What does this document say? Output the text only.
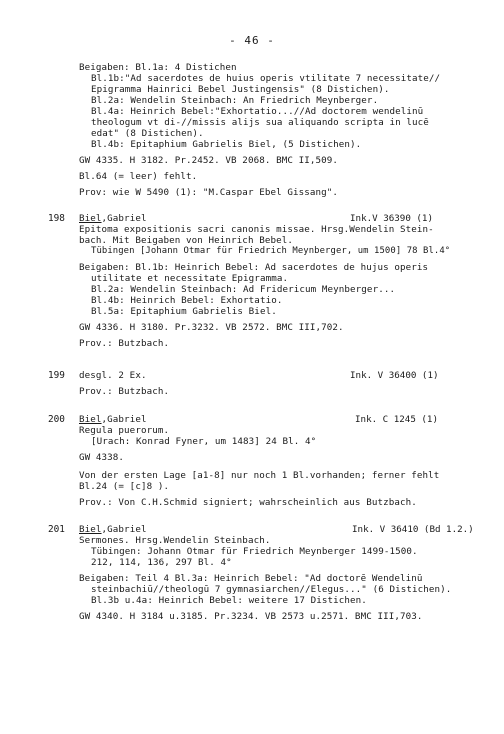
- 46 -
Beigaben: Bl.1a: 4 Distichen
Bl.1b:"Ad sacerdotes de huius operis vtilitate 7 necessitate//
Epigramma Hainrici Bebel Justingensis" (8 Distichen).
Bl.2a: Wendelin Steinbach: An Friedrich Meynberger.
Bl.4a: Heinrich Bebel:"Exhortatio...//Ad doctorem wendelinū
theologum vt di-//missis alijs sua aliquando scripta in lucē
edat" (8 Distichen).
Bl.4b: Epitaphium Gabrielis Biel, (5 Distichen).
GW 4335. H 3182. Pr.2452. VB 2068. BMC II,509.
Bl.64 (= leer) fehlt.
Prov: wie W 5490 (1): "M.Caspar Ebel Gissang".
198 Biel,Gabriel	Ink.V 36390 (1)
Epitoma expositionis sacri canonis missae. Hrsg.Wendelin Stein-
bach. Mit Beigaben von Heinrich Bebel.
Tübingen [Johann Otmar für Friedrich Meynberger, um 1500] 78 Bl.4°
Beigaben: Bl.1b: Heinrich Bebel: Ad sacerdotes de hujus operis
utilitate et necessitate Epigramma.
Bl.2a: Wendelin Steinbach: Ad Fridericum Meynberger...
Bl.4b: Heinrich Bebel: Exhortatio.
Bl.5a: Epitaphium Gabrielis Biel.
GW 4336. H 3180. Pr.3232. VB 2572. BMC III,702.
Prov.: Butzbach.
199 desgl. 2 Ex.	Ink. V 36400 (1)
Prov.: Butzbach.
200 Biel,Gabriel	Ink. C 1245 (1)
Regula puerorum.
[Urach: Konrad Fyner, um 1483] 24 Bl. 4°
GW 4338.
Von der ersten Lage [a1-8] nur noch 1 Bl.vorhanden; ferner fehlt
Bl.24 (= [c]8 ).
Prov.: Von C.H.Schmid signiert; wahrscheinlich aus Butzbach.
201 Biel,Gabriel	Ink. V 36410 (Bd 1.2.)
Sermones. Hrsg.Wendelin Steinbach.
Tübingen: Johann Otmar für Friedrich Meynberger 1499-1500.
212, 114, 136, 297 Bl. 4°
Beigaben: Teil 4 Bl.3a: Heinrich Bebel: "Ad doctorē Wendelinū
steinbachiū//theologū 7 gymnasiarchen//Elegus..." (6 Distichen).
Bl.3b u.4a: Heinrich Bebel: weitere 17 Distichen.
GW 4340. H 3184 u.3185. Pr.3234. VB 2573 u.2571. BMC III,703.
